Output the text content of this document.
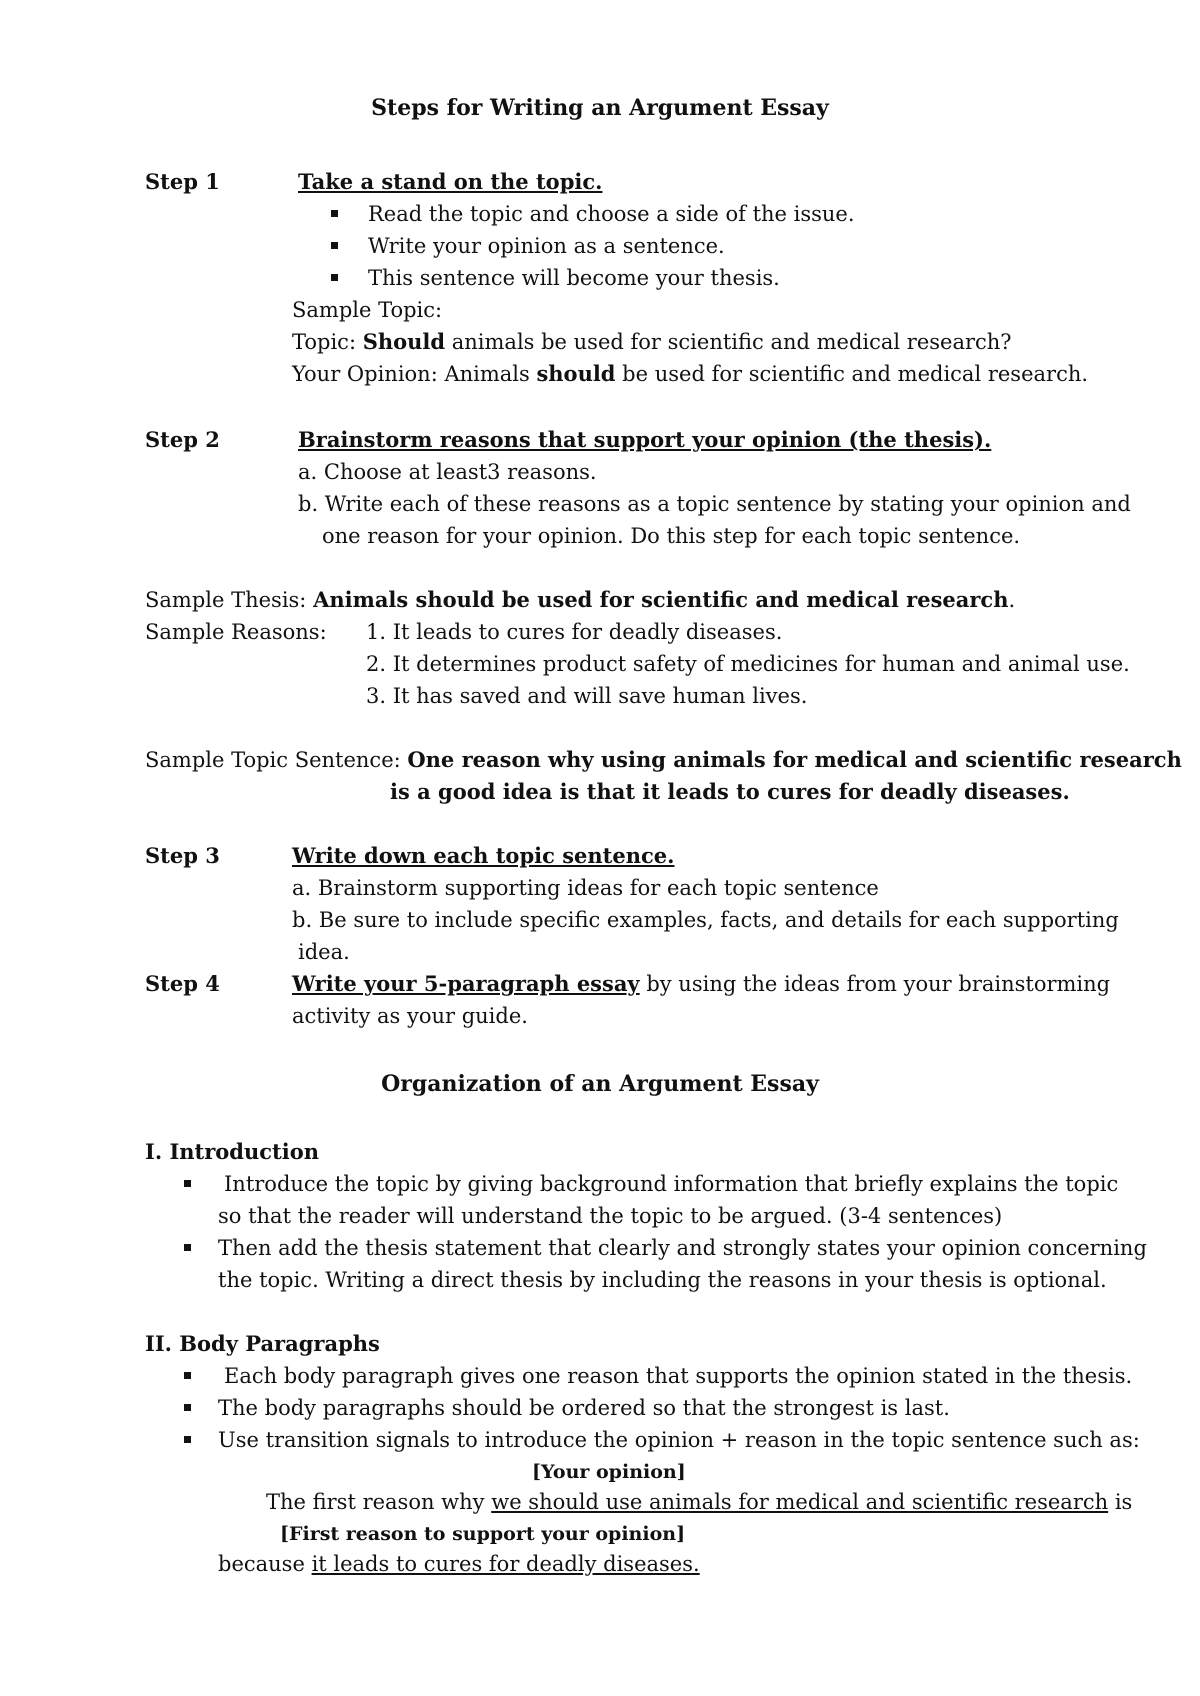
Steps for Writing an Argument Essay
Step 1	Take a stand on the topic.
Read the topic and choose a side of the issue.
Write your opinion as a sentence.
This sentence will become your thesis.
Sample Topic:
Topic: Should animals be used for scientific and medical research?
Your Opinion: Animals should be used for scientific and medical research.
Step 2	Brainstorm reasons that support your opinion (the thesis).
a. Choose at least3 reasons.
b. Write each of these reasons as a topic sentence by stating your opinion and
one reason for your opinion. Do this step for each topic sentence.
Sample Thesis: Animals should be used for scientific and medical research.
Sample Reasons: 1. It leads to cures for deadly diseases.
2. It determines product safety of medicines for human and animal use.
3. It has saved and will save human lives.
Sample Topic Sentence: One reason why using animals for medical and scientific research
is a good idea is that it leads to cures for deadly diseases.
Step 3	Write down each topic sentence.
a. Brainstorm supporting ideas for each topic sentence
b. Be sure to include specific examples, facts, and details for each supporting
idea.
Step 4	Write your 5-paragraph essay by using the ideas from your brainstorming
activity as your guide.
Organization of an Argument Essay
I. Introduction
Introduce the topic by giving background information that briefly explains the topic
so that the reader will understand the topic to be argued. (3-4 sentences)
Then add the thesis statement that clearly and strongly states your opinion concerning
the topic. Writing a direct thesis by including the reasons in your thesis is optional.
II. Body Paragraphs
Each body paragraph gives one reason that supports the opinion stated in the thesis.
The body paragraphs should be ordered so that the strongest is last.
Use transition signals to introduce the opinion + reason in the topic sentence such as:
[Your opinion]
The first reason why we should use animals for medical and scientific research is
[First reason to support your opinion]
because it leads to cures for deadly diseases.
